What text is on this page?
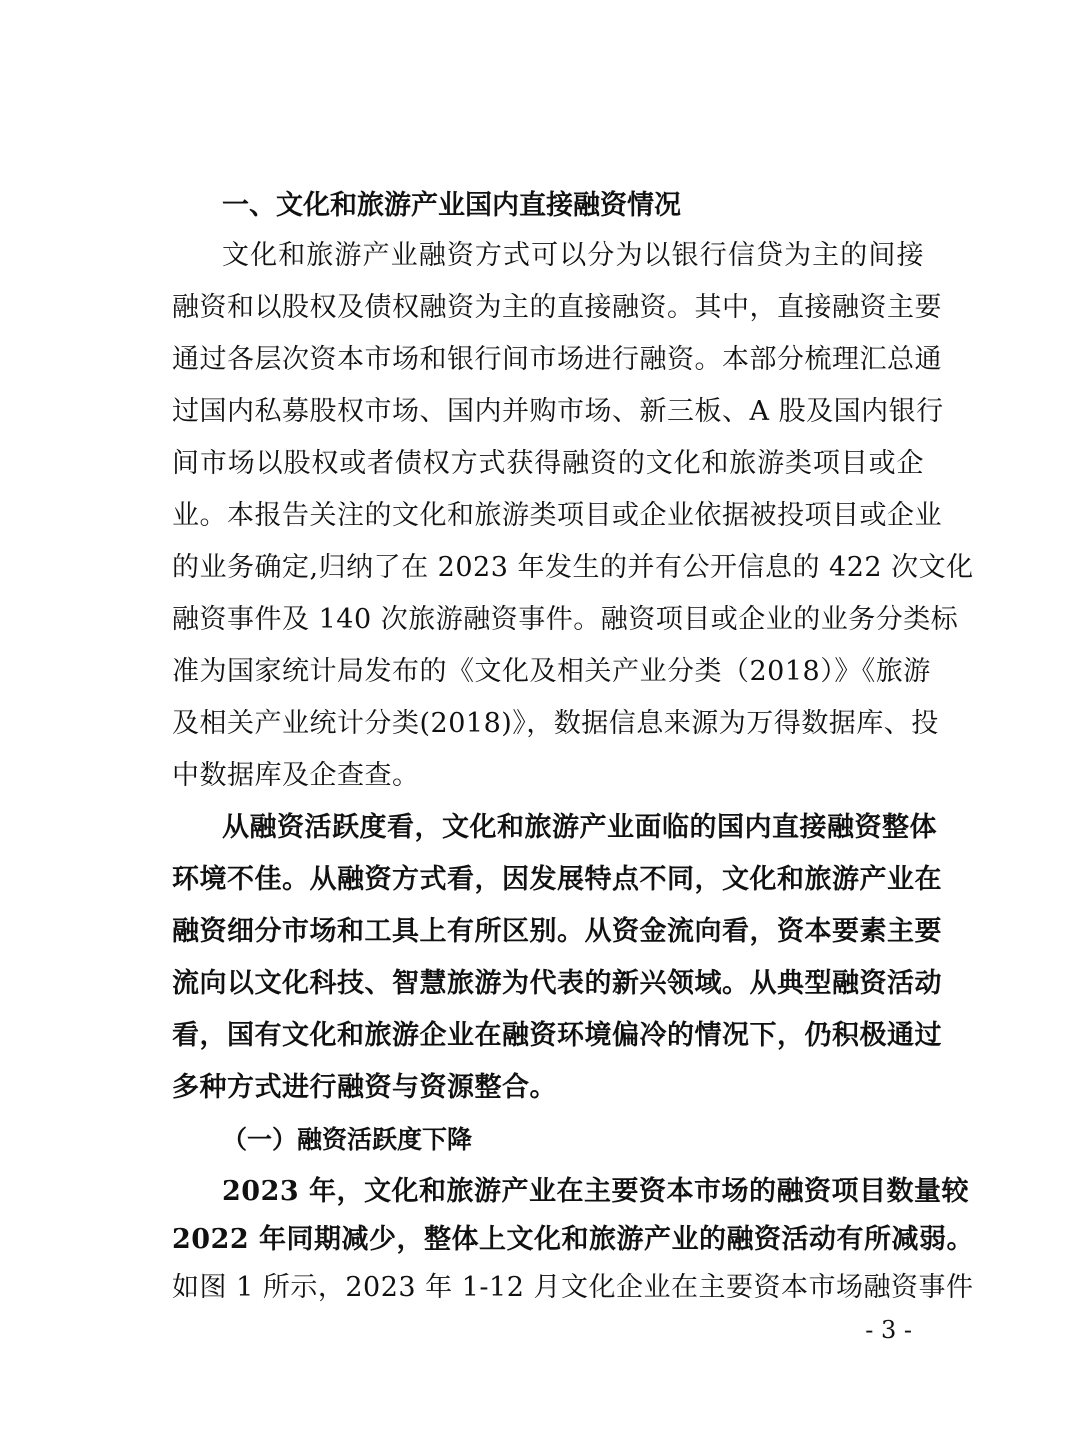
一、文化和旅游产业国内直接融资情况
文化和旅游产业融资方式可以分为以银行信贷为主的间接
融资和以股权及债权融资为主的直接融资。其中，直接融资主要
通过各层次资本市场和银行间市场进行融资。本部分梳理汇总通
过国内私募股权市场、国内并购市场、新三板、A 股及国内银行
间市场以股权或者债权方式获得融资的文化和旅游类项目或企
业。本报告关注的文化和旅游类项目或企业依据被投项目或企业
的业务确定,归纳了在 2023 年发生的并有公开信息的 422 次文化
融资事件及 140 次旅游融资事件。融资项目或企业的业务分类标
准为国家统计局发布的《文化及相关产业分类（2018）》《旅游
及相关产业统计分类(2018)》，数据信息来源为万得数据库、投
中数据库及企查查。
从融资活跃度看，文化和旅游产业面临的国内直接融资整体
环境不佳。从融资方式看，因发展特点不同，文化和旅游产业在
融资细分市场和工具上有所区别。从资金流向看，资本要素主要
流向以文化科技、智慧旅游为代表的新兴领域。从典型融资活动
看，国有文化和旅游企业在融资环境偏冷的情况下，仍积极通过
多种方式进行融资与资源整合。
（一）融资活跃度下降
2023 年，文化和旅游产业在主要资本市场的融资项目数量较
2022 年同期减少，整体上文化和旅游产业的融资活动有所减弱。
如图 1 所示，2023 年 1-12 月文化企业在主要资本市场融资事件
- 3 -
